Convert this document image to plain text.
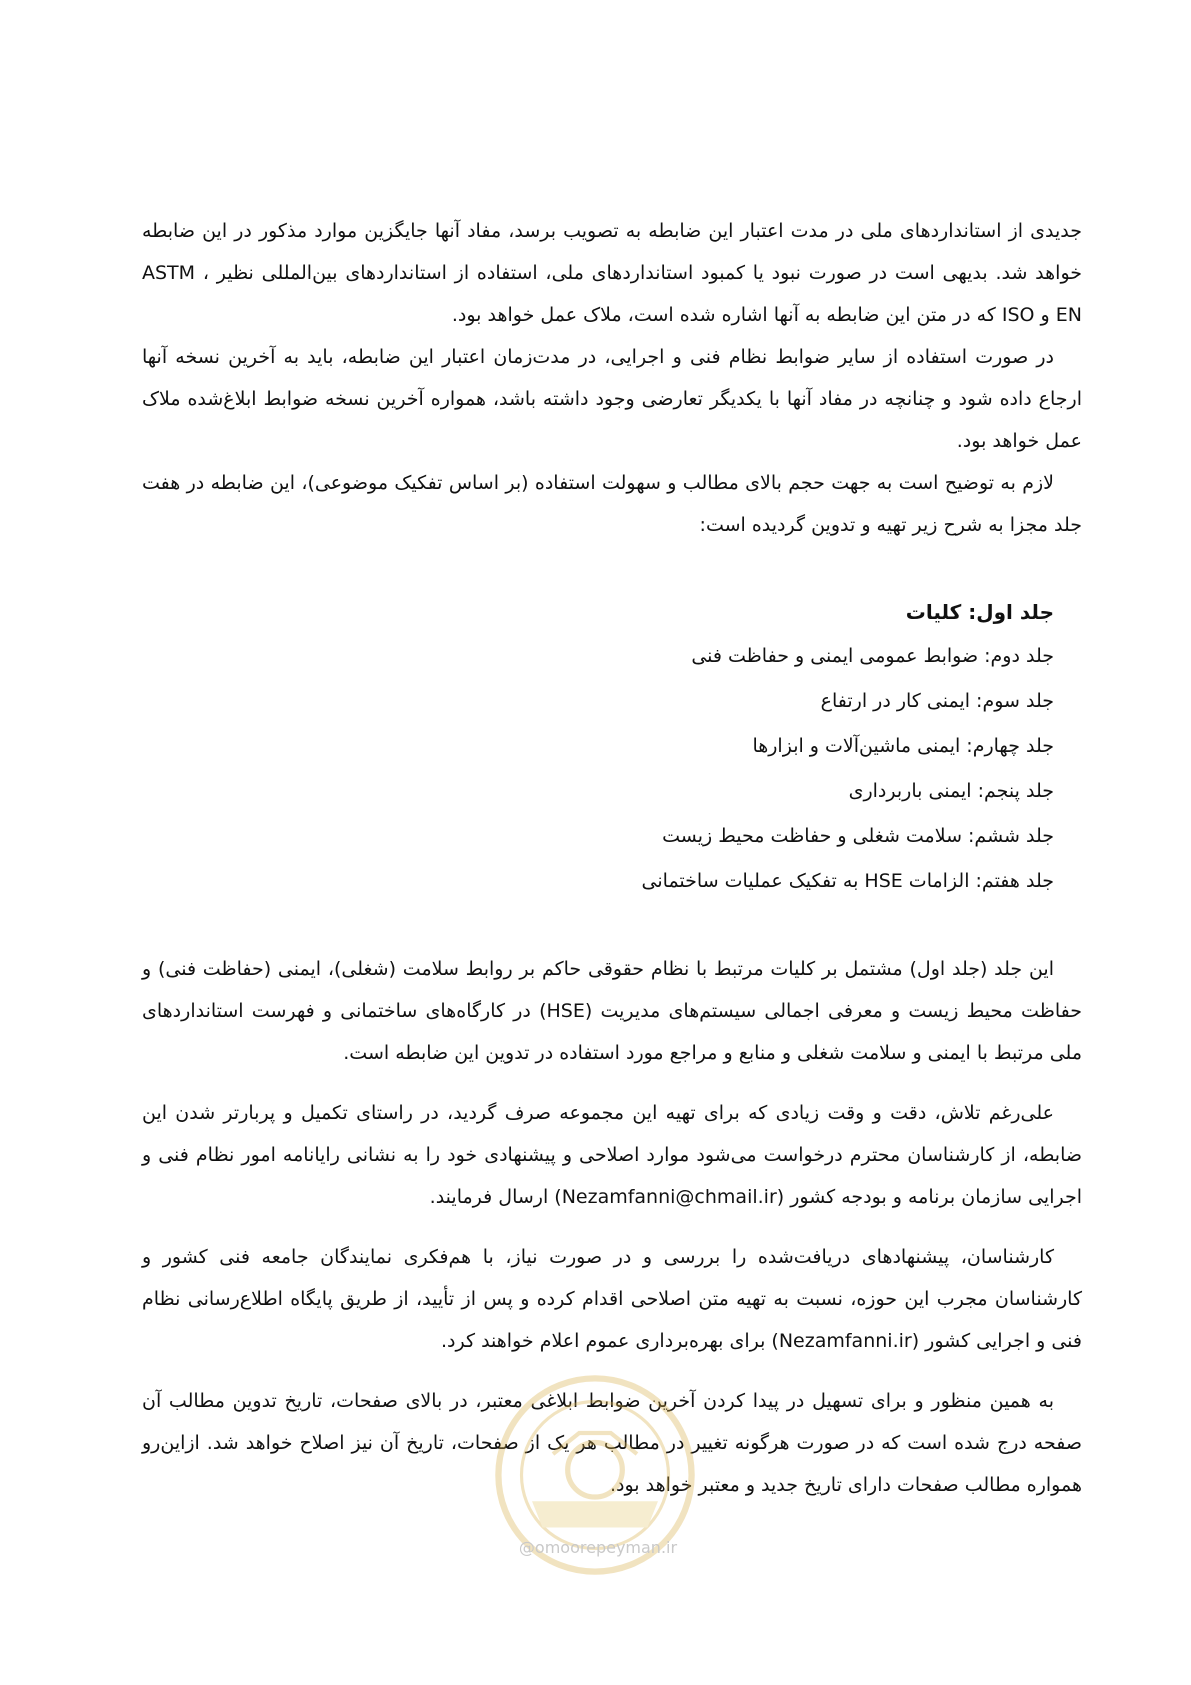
جدیدی از استانداردهای ملی در مدت اعتبار این ضابطه به تصویب برسد، مفاد آنها جایگزین موارد مذکور در این ضابطه خواهد شد. بدیهی است در صورت نبود یا کمبود استانداردهای ملی، استفاده از استانداردهای بین‌المللی نظیر ASTM ، EN و ISO که در متن این ضابطه به آنها اشاره شده است، ملاک عمل خواهد بود.

در صورت استفاده از سایر ضوابط نظام فنی و اجرایی، در مدت‌زمان اعتبار این ضابطه، باید به آخرین نسخه آنها ارجاع داده شود و چنانچه در مفاد آنها با یکدیگر تعارضی وجود داشته باشد، همواره آخرین نسخه ضوابط ابلاغ‌شده ملاک عمل خواهد بود.

لازم به توضیح است به جهت حجم بالای مطالب و سهولت استفاده (بر اساس تفکیک موضوعی)، این ضابطه در هفت جلد مجزا به شرح زیر تهیه و تدوین گردیده است:

جلد اول: کلیات
جلد دوم: ضوابط عمومی ایمنی و حفاظت فنی
جلد سوم: ایمنی کار در ارتفاع
جلد چهارم: ایمنی ماشین‌آلات و ابزارها
جلد پنجم: ایمنی باربرداری
جلد ششم: سلامت شغلی و حفاظت محیط زیست
جلد هفتم: الزامات HSE به تفکیک عملیات ساختمانی

این جلد (جلد اول) مشتمل بر کلیات مرتبط با نظام حقوقی حاکم بر روابط سلامت (شغلی)، ایمنی (حفاظت فنی) و حفاظت محیط زیست و معرفی اجمالی سیستم‌های مدیریت (HSE) در کارگاه‌های ساختمانی و فهرست استانداردهای ملی مرتبط با ایمنی و سلامت شغلی و منابع و مراجع مورد استفاده در تدوین این ضابطه است.

علی‌رغم تلاش، دقت و وقت زیادی که برای تهیه این مجموعه صرف گردید، در راستای تکمیل و پربارتر شدن این ضابطه، از کارشناسان محترم درخواست می‌شود موارد اصلاحی و پیشنهادی خود را به نشانی رایانامه امور نظام فنی و اجرایی سازمان برنامه و بودجه کشور (Nezamfanni@chmail.ir) ارسال فرمایند.

کارشناسان، پیشنهادهای دریافت‌شده را بررسی و در صورت نیاز، با هم‌فکری نمایندگان جامعه فنی کشور و کارشناسان مجرب این حوزه، نسبت به تهیه متن اصلاحی اقدام کرده و پس از تأیید، از طریق پایگاه اطلاع‌رسانی نظام فنی و اجرایی کشور (Nezamfanni.ir) برای بهره‌برداری عموم اعلام خواهند کرد.

به همین منظور و برای تسهیل در پیدا کردن آخرین ضوابط ابلاغی معتبر، در بالای صفحات، تاریخ تدوین مطالب آن صفحه درج شده است که در صورت هرگونه تغییر در مطالب هر یک از صفحات، تاریخ آن نیز اصلاح خواهد شد. ازاین‌رو همواره مطالب صفحات دارای تاریخ جدید و معتبر خواهد بود.

@omoorepeyman.ir
